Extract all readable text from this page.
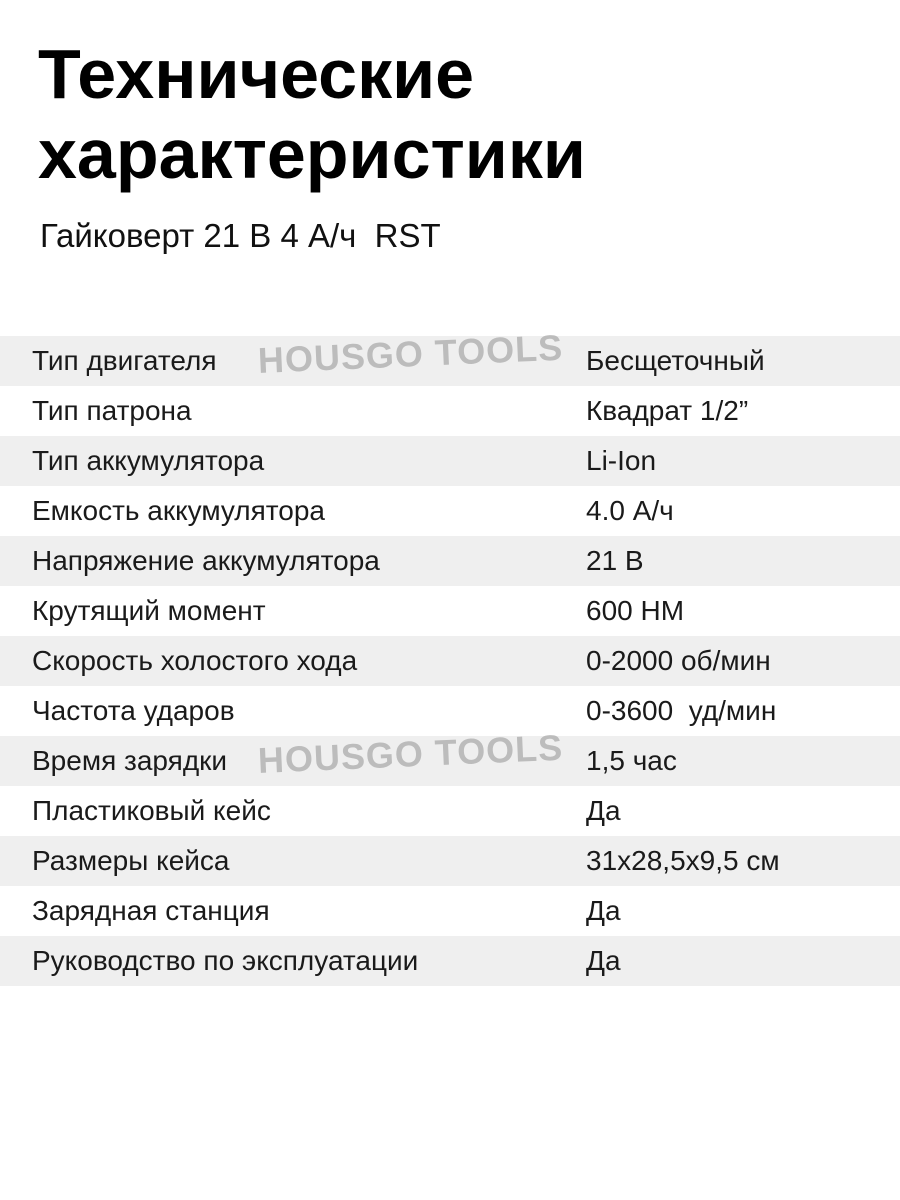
Технические характеристики
Гайковерт 21 В 4 А/ч  RST
Тип двигателя	Бесщеточный
Тип патрона	Квадрат 1/2”
Тип аккумулятора	Li-Ion
Емкость аккумулятора	4.0 А/ч
Напряжение аккумулятора	21 В
Крутящий момент	600 НМ
Скорость холостого хода	0-2000 об/мин
Частота ударов	0-3600  уд/мин
Время зарядки	1,5 час
Пластиковый кейс	Да
Размеры кейса	31х28,5х9,5 см
Зарядная станция	Да
Руководство по эксплуатации	Да
HOUSGO TOOLS
HOUSGO TOOLS
